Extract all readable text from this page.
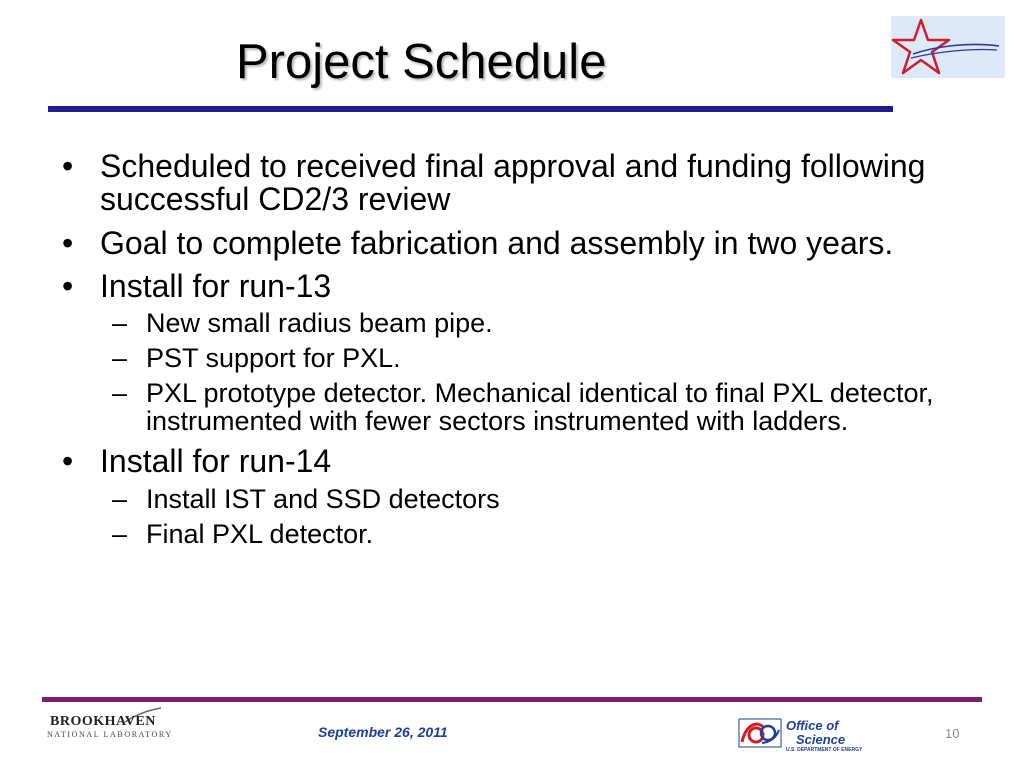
Project Schedule
• Scheduled to received final approval and funding following successful CD2/3 review
• Goal to complete fabrication and assembly in two years.
• Install for run-13
– New small radius beam pipe.
– PST support for PXL.
– PXL prototype detector. Mechanical identical to final PXL detector, instrumented with fewer sectors instrumented with ladders.
• Install for run-14
– Install IST and SSD detectors
– Final PXL detector.
BROOKHAVEN
NATIONAL LABORATORY	September 26, 2011	Office of
Science
U.S. DEPARTMENT OF ENERGY
10
